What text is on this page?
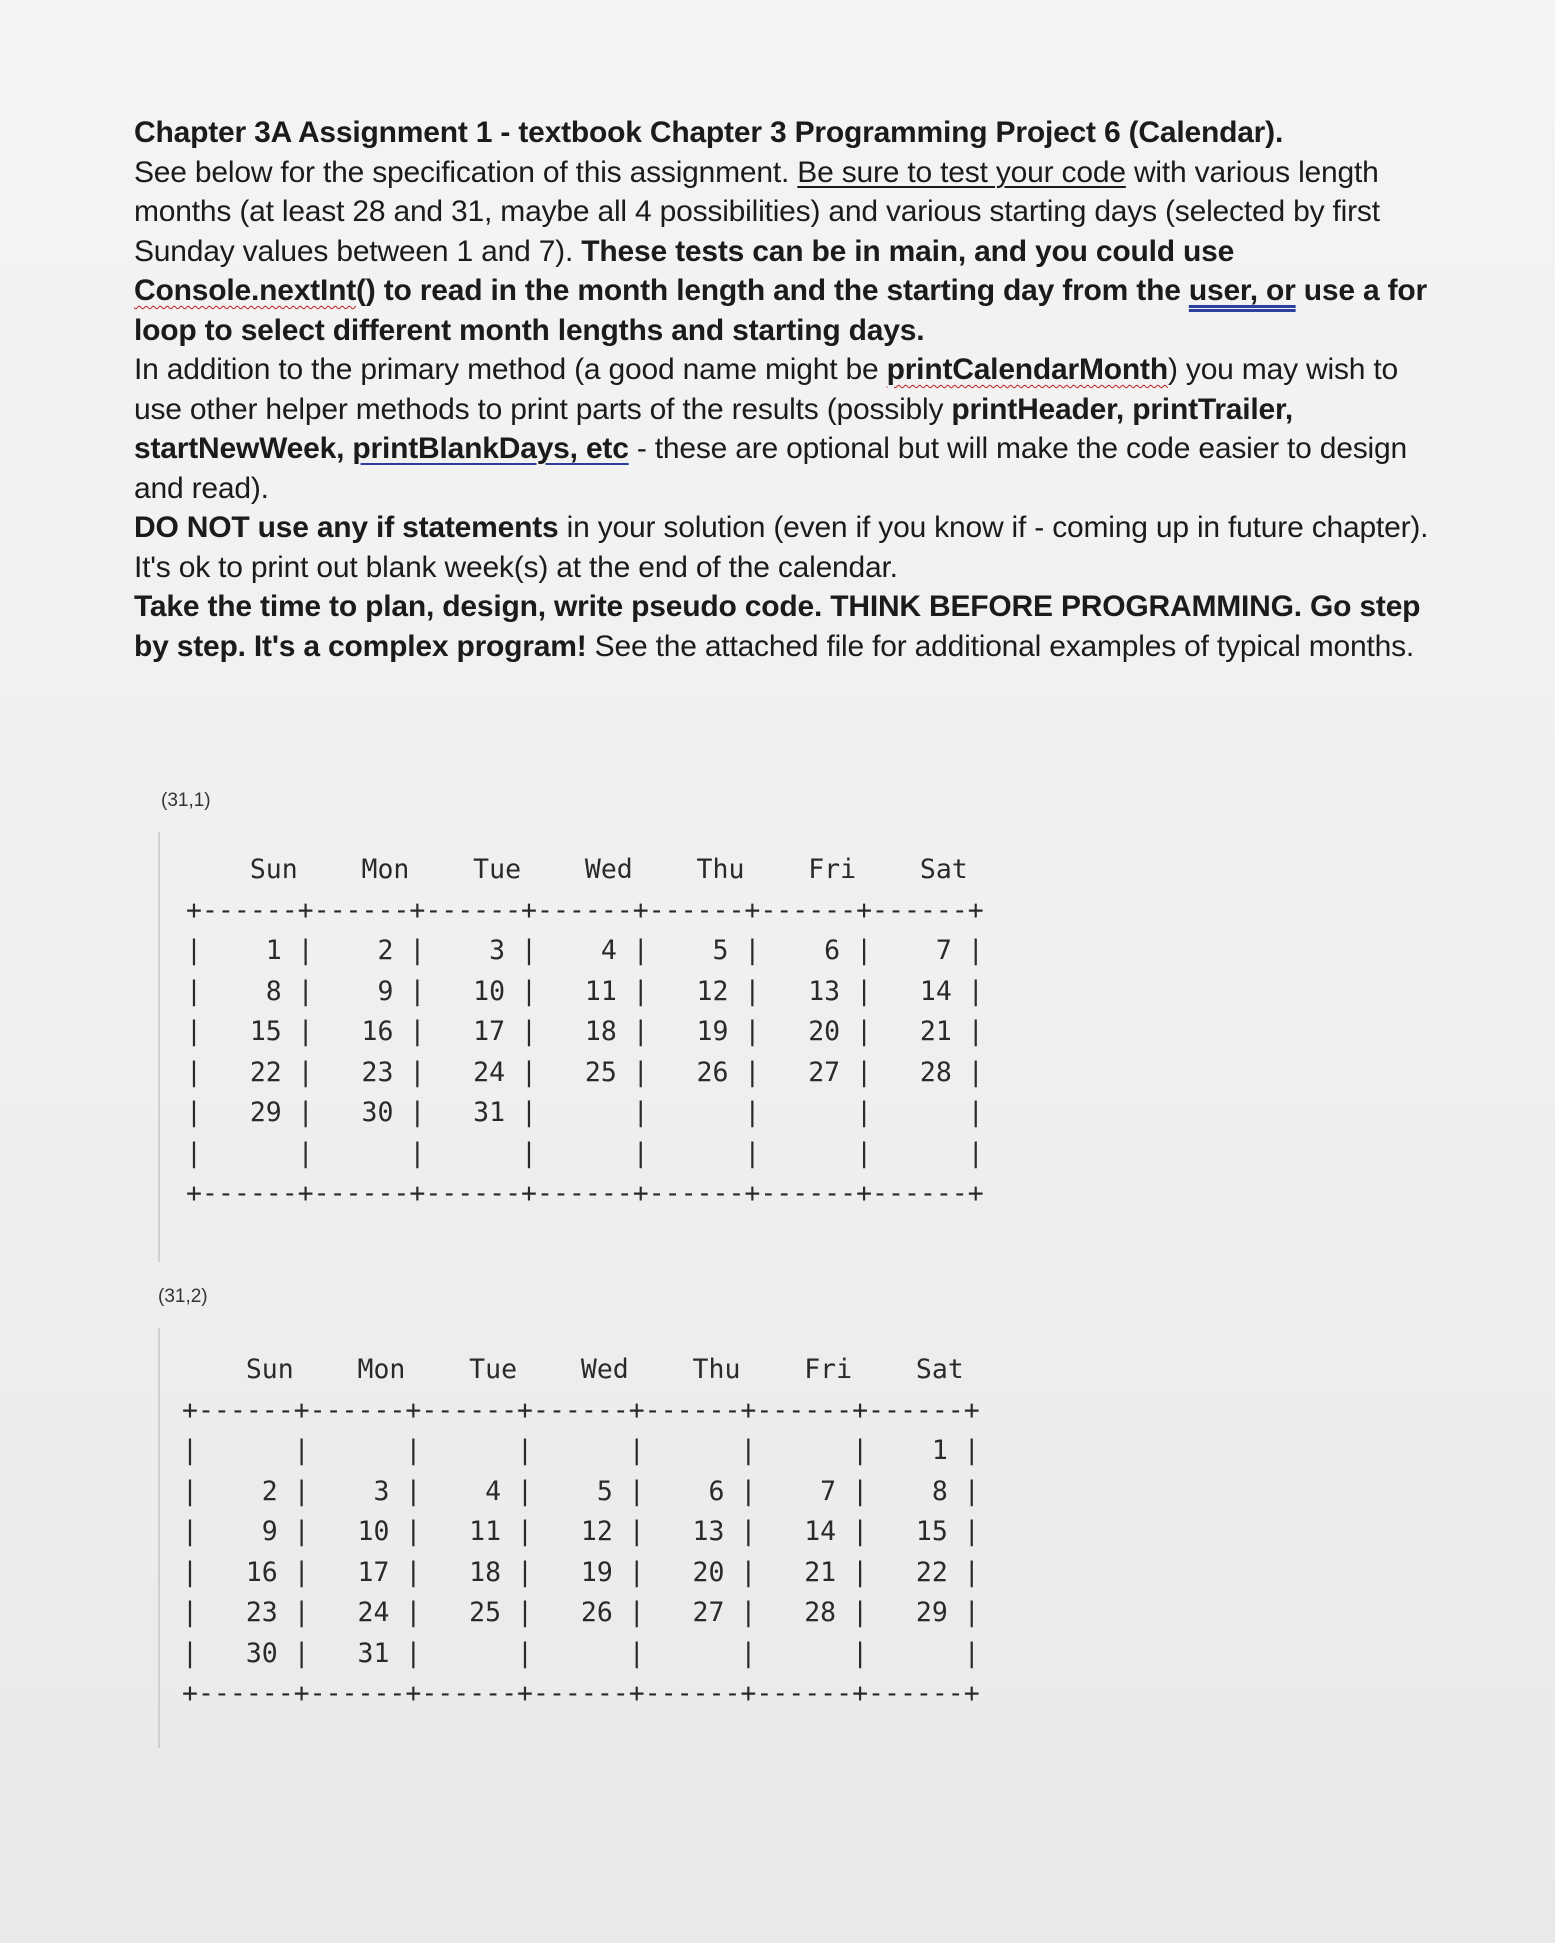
Chapter 3A Assignment 1 - textbook Chapter 3 Programming Project 6 (Calendar).

See below for the specification of this assignment. Be sure to test your code with various length months (at least 28 and 31, maybe all 4 possibilities) and various starting days (selected by first Sunday values between 1 and 7). These tests can be in main, and you could use Console.nextInt() to read in the month length and the starting day from the user, or use a for loop to select different month lengths and starting days.

In addition to the primary method (a good name might be printCalendarMonth) you may wish to use other helper methods to print parts of the results (possibly printHeader, printTrailer, startNewWeek, printBlankDays, etc - these are optional but will make the code easier to design and read).

DO NOT use any if statements in your solution (even if you know if - coming up in future chapter). It's ok to print out blank week(s) at the end of the calendar.

Take the time to plan, design, write pseudo code. THINK BEFORE PROGRAMMING. Go step by step. It's a complex program! See the attached file for additional examples of typical months.

(31,1)
Sun    Mon    Tue    Wed    Thu    Fri    Sat
+------+------+------+------+------+------+------+
|    1 |    2 |    3 |    4 |    5 |    6 |    7 |
|    8 |    9 |   10 |   11 |   12 |   13 |   14 |
|   15 |   16 |   17 |   18 |   19 |   20 |   21 |
|   22 |   23 |   24 |   25 |   26 |   27 |   28 |
|   29 |   30 |   31 |      |      |      |      |
|      |      |      |      |      |      |      |
+------+------+------+------+------+------+------+
(31,2)
Sun    Mon    Tue    Wed    Thu    Fri    Sat
+------+------+------+------+------+------+------+
|      |      |      |      |      |      |    1 |
|    2 |    3 |    4 |    5 |    6 |    7 |    8 |
|    9 |   10 |   11 |   12 |   13 |   14 |   15 |
|   16 |   17 |   18 |   19 |   20 |   21 |   22 |
|   23 |   24 |   25 |   26 |   27 |   28 |   29 |
|   30 |   31 |      |      |      |      |      |
+------+------+------+------+------+------+------+
